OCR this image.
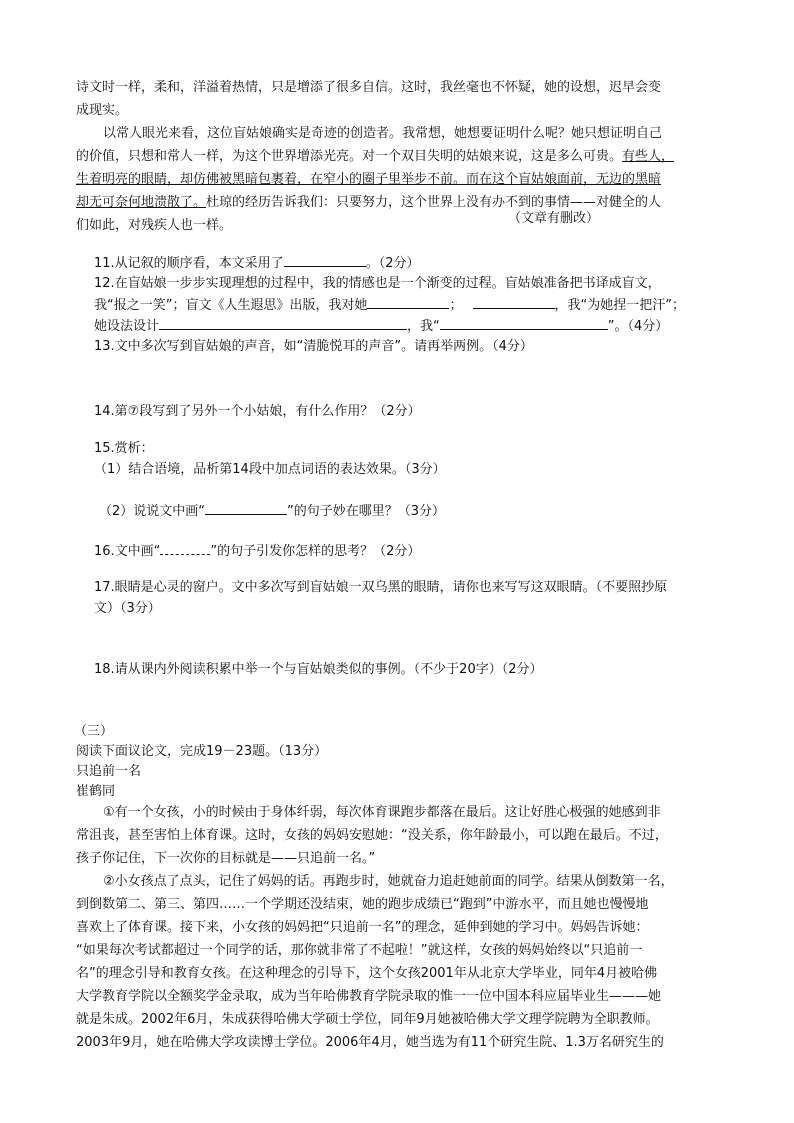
诗文时一样，柔和，洋溢着热情，只是增添了很多自信。这时，我丝毫也不怀疑，她的设想，迟早会变
成现实。
以常人眼光来看，这位盲姑娘确实是奇迹的创造者。我常想，她想要证明什么呢？她只想证明自己
的价值，只想和常人一样，为这个世界增添光亮。对一个双目失明的姑娘来说，这是多么可贵。有些人，
生着明亮的眼睛，却仿佛被黑暗包裹着，在窄小的圈子里举步不前。而在这个盲姑娘面前，无边的黑暗
却无可奈何地溃散了。杜琼的经历告诉我们：只要努力，这个世界上没有办不到的事情——对健全的人
们如此，对残疾人也一样。	（文章有删改）
11.从记叙的顺序看，本文采用了	。（2分）
12.在盲姑娘一步步实现理想的过程中，我的情感也是一个渐变的过程。盲姑娘准备把书译成盲文，
我“报之一笑”；盲文《人生遐思》出版，我对她	；	，我“为她捏一把汗”；
她设法设计	，我“	”。（4分）
13.文中多次写到盲姑娘的声音，如“清脆悦耳的声音”。请再举两例。（4分）
14.第⑦段写到了另外一个小姑娘，有什么作用？（2分）
15.赏析：
（1）结合语境，品析第14段中加点词语的表达效果。（3分）
（2）说说文中画“	”的句子妙在哪里？（3分）
16.文中画“	”的句子引发你怎样的思考？（2分）
17.眼睛是心灵的窗户。文中多次写到盲姑娘一双乌黑的眼睛，请你也来写写这双眼睛。（不要照抄原
文）（3分）
18.请从课内外阅读积累中举一个与盲姑娘类似的事例。（不少于20字）（2分）
（三）
阅读下面议论文，完成19－23题。（13分）
只追前一名
崔鹤同
①有一个女孩，小的时候由于身体纤弱，每次体育课跑步都落在最后。这让好胜心极强的她感到非
常沮丧，甚至害怕上体育课。这时，女孩的妈妈安慰她：“没关系，你年龄最小，可以跑在最后。不过，
孩子你记住，下一次你的目标就是——只追前一名。”
②小女孩点了点头，记住了妈妈的话。再跑步时，她就奋力追赶她前面的同学。结果从倒数第一名，
到倒数第二、第三、第四……一个学期还没结束，她的跑步成绩已“跑到”中游水平，而且她也慢慢地
喜欢上了体育课。接下来，小女孩的妈妈把“只追前一名”的理念，延伸到她的学习中。妈妈告诉她：
“如果每次考试都超过一个同学的话，那你就非常了不起啦！”就这样，女孩的妈妈始终以“只追前一
名”的理念引导和教育女孩。在这种理念的引导下，这个女孩2001年从北京大学毕业，同年4月被哈佛
大学教育学院以全额奖学金录取，成为当年哈佛教育学院录取的惟一一位中国本科应届毕业生———她
就是朱成。2002年6月，朱成获得哈佛大学硕士学位，同年9月她被哈佛大学文理学院聘为全职教师。
2003年9月，她在哈佛大学攻读博士学位。2006年4月，她当选为有11个研究生院、1.3万名研究生的
